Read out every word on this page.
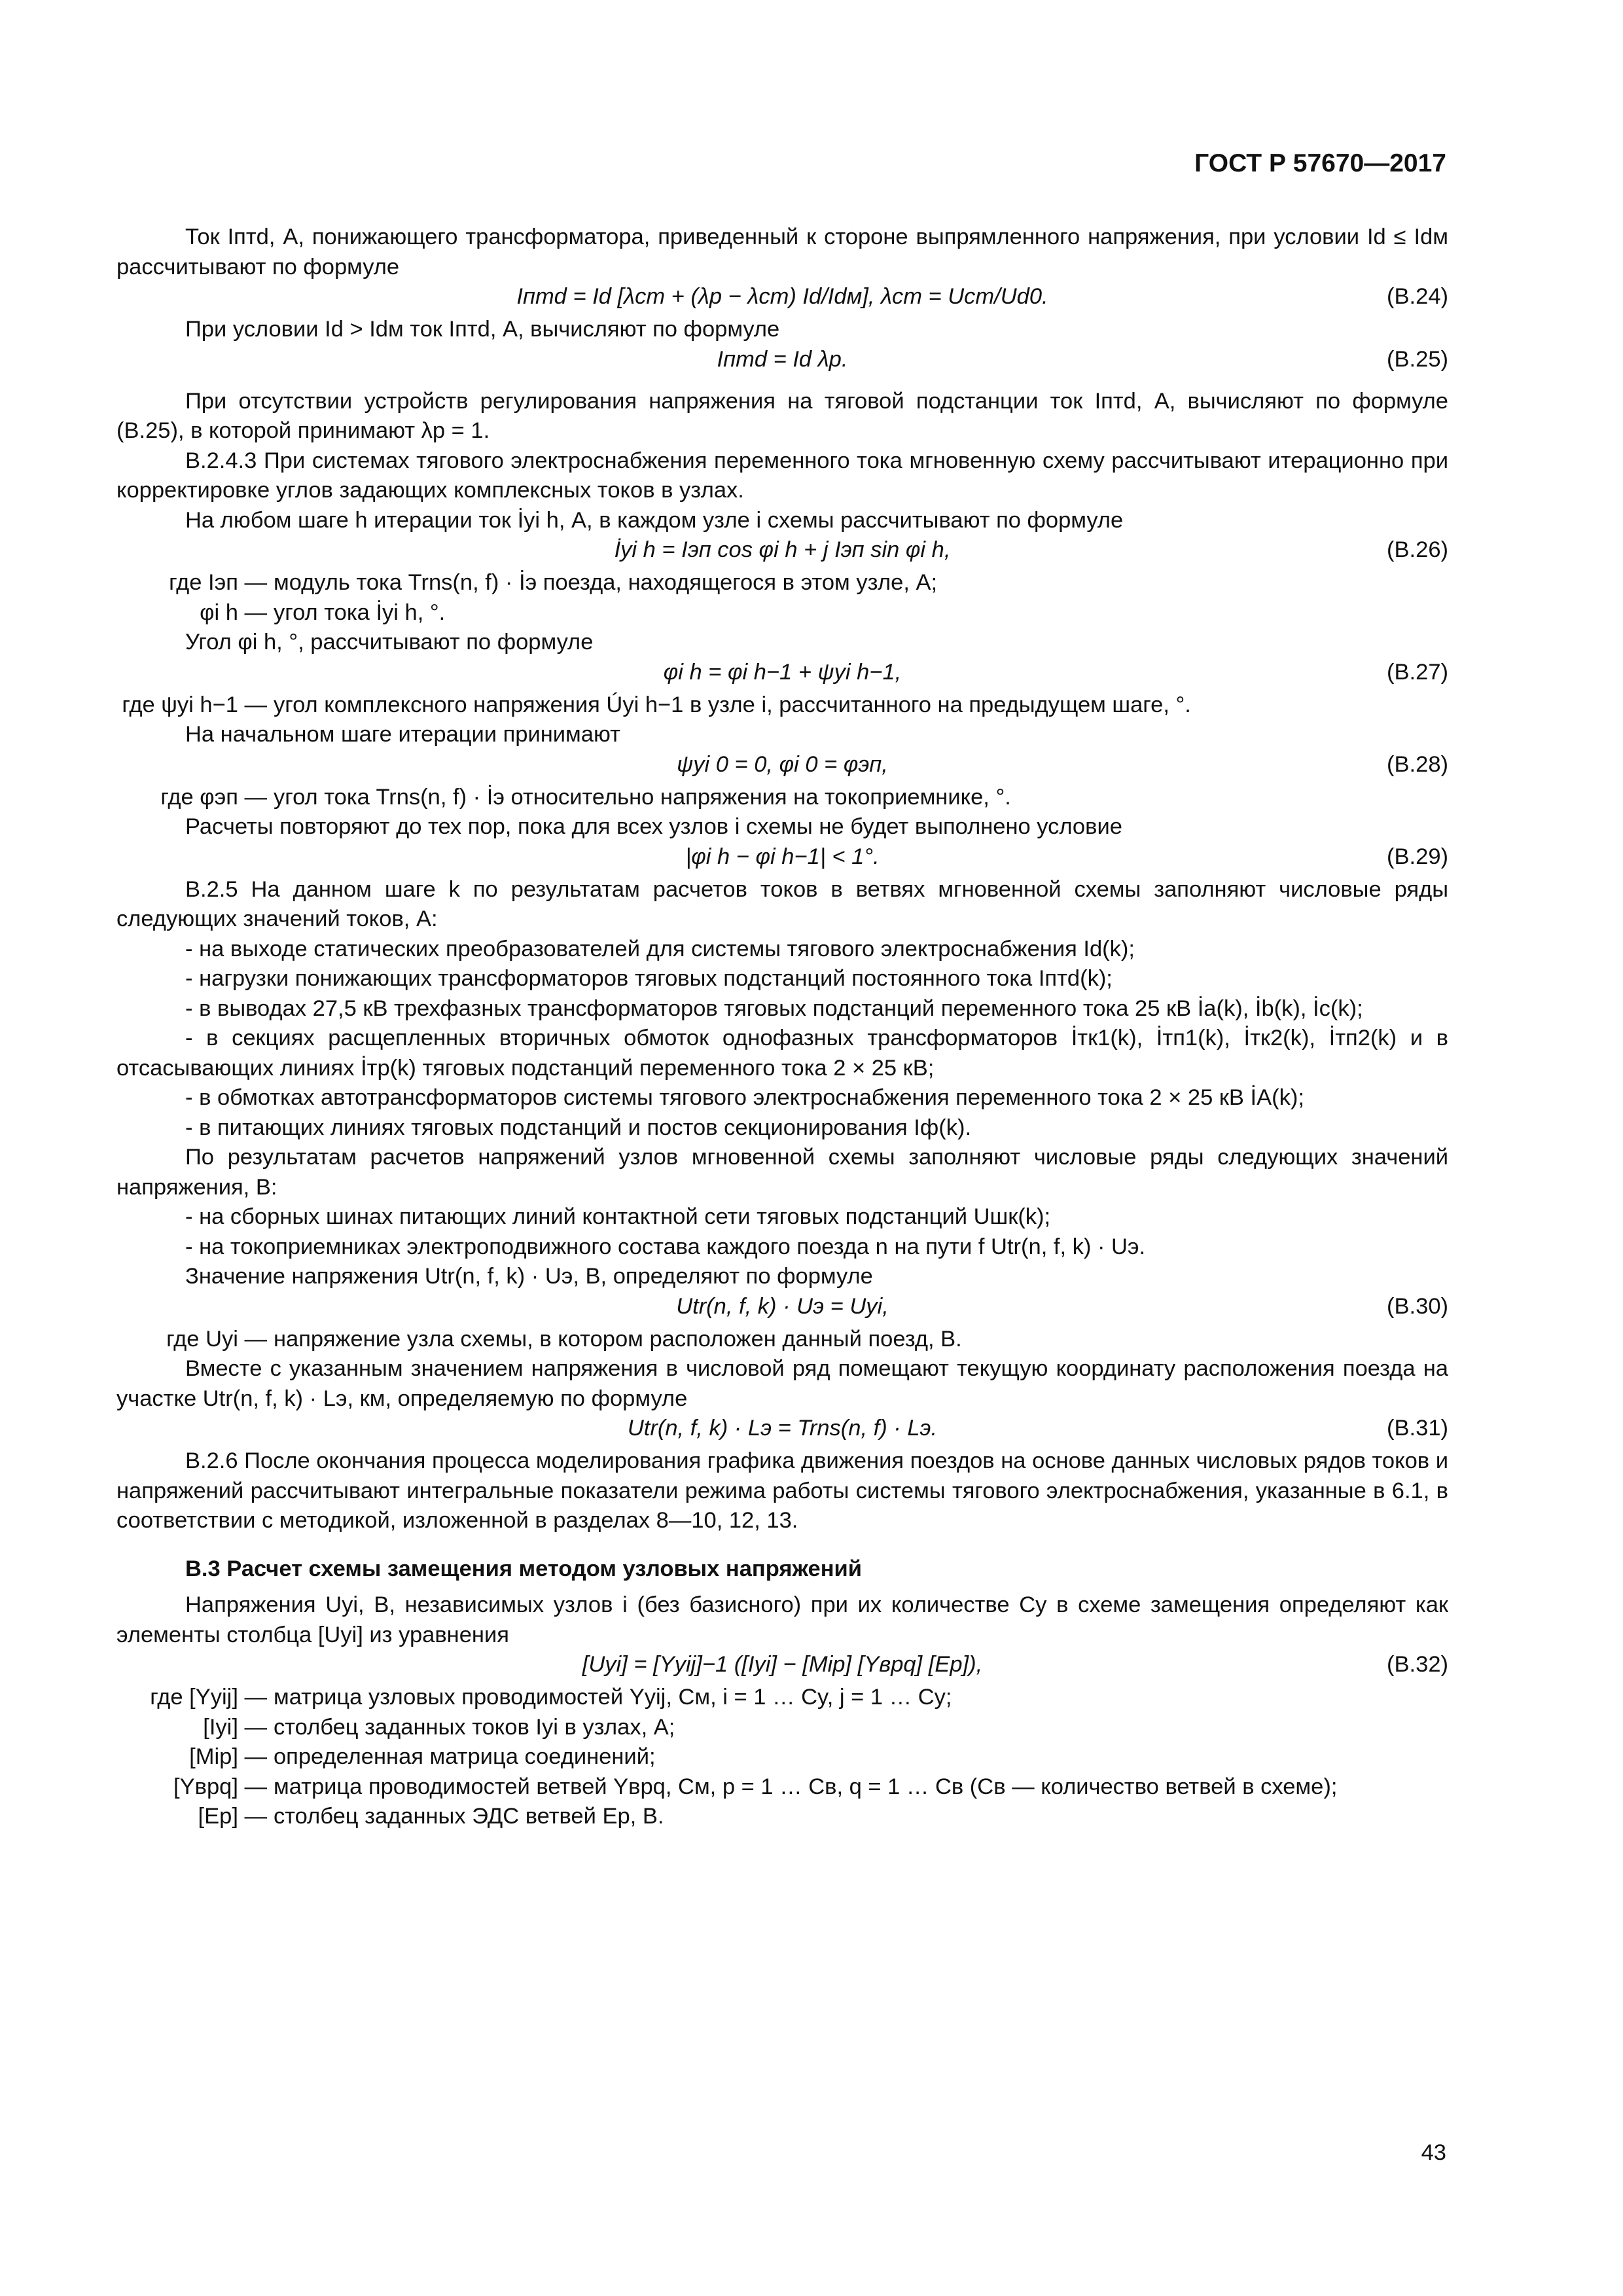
ГОСТ Р 57670—2017

Ток Iптd, А, понижающего трансформатора, приведенный к стороне выпрямленного напряжения, при условии Id ≤ Idм рассчитывают по формуле

Iптd = Id [λст + (λр − λст) Id/Idм], λст = Uст/Ud0.	(В.24)

При условии Id > Idм ток Iптd, А, вычисляют по формуле

Iптd = Id λр.	(В.25)

При отсутствии устройств регулирования напряжения на тяговой подстанции ток Iптd, А, вычисляют по формуле (В.25), в которой принимают λр = 1.

В.2.4.3 При системах тягового электроснабжения переменного тока мгновенную схему рассчитывают итерационно при корректировке углов задающих комплексных токов в узлах.

На любом шаге h итерации ток İyi h, А, в каждом узле i схемы рассчитывают по формуле

İyi h = Iэп cos φi h + j Iэп sin φi h,	(В.26)
где Iэп — модуль тока Trns(n, f) · İэ поезда, находящегося в этом узле, А;
φi h — угол тока İyi h, °.

Угол φi h, °, рассчитывают по формуле

φi h = φi h−1 + ψyi h−1,	(В.27)
где ψyi h−1 — угол комплексного напряжения Úyi h−1 в узле i, рассчитанного на предыдущем шаге, °.

На начальном шаге итерации принимают

ψyi 0 = 0, φi 0 = φэп,	(В.28)
где φэп — угол тока Trns(n, f) · İэ относительно напряжения на токоприемнике, °.

Расчеты повторяют до тех пор, пока для всех узлов i схемы не будет выполнено условие

|φi h − φi h−1| < 1°.	(В.29)

В.2.5 На данном шаге k по результатам расчетов токов в ветвях мгновенной схемы заполняют числовые ряды следующих значений токов, А:

- на выходе статических преобразователей для системы тягового электроснабжения Id(k);

- нагрузки понижающих трансформаторов тяговых подстанций постоянного тока Iптd(k);

- в выводах 27,5 кВ трехфазных трансформаторов тяговых подстанций переменного тока 25 кВ İa(k), İb(k), İc(k);

- в секциях расщепленных вторичных обмоток однофазных трансформаторов İтк1(k), İтп1(k), İтк2(k), İтп2(k) и в отсасывающих линиях İтр(k) тяговых подстанций переменного тока 2 × 25 кВ;

- в обмотках автотрансформаторов системы тягового электроснабжения переменного тока 2 × 25 кВ İА(k);

- в питающих линиях тяговых подстанций и постов секционирования Iф(k).

По результатам расчетов напряжений узлов мгновенной схемы заполняют числовые ряды следующих значений напряжения, В:

- на сборных шинах питающих линий контактной сети тяговых подстанций Uшк(k);

- на токоприемниках электроподвижного состава каждого поезда n на пути f Utr(n, f, k) · Uэ.

Значение напряжения Utr(n, f, k) · Uэ, В, определяют по формуле

Utr(n, f, k) · Uэ = Uyi,	(В.30)
где Uyi — напряжение узла схемы, в котором расположен данный поезд, В.

Вместе с указанным значением напряжения в числовой ряд помещают текущую координату расположения поезда на участке Utr(n, f, k) · Lэ, км, определяемую по формуле

Utr(n, f, k) · Lэ = Trns(n, f) · Lэ.	(В.31)

В.2.6 После окончания процесса моделирования графика движения поездов на основе данных числовых рядов токов и напряжений рассчитывают интегральные показатели режима работы системы тягового электроснабжения, указанные в 6.1, в соответствии с методикой, изложенной в разделах 8—10, 12, 13.

В.3 Расчет схемы замещения методом узловых напряжений

Напряжения Uyi, В, независимых узлов i (без базисного) при их количестве Cy в схеме замещения определяют как элементы столбца [Uyi] из уравнения

[Uyi] = [Yyij]−1 ([Iyi] − [Mip] [Yвpq] [Ep]),	(В.32)
где [Yyij] — матрица узловых проводимостей Yyij, См, i = 1 … Cy, j = 1 … Cy;
[Iyi] — столбец заданных токов Iyi в узлах, А;
[Mip] — определенная матрица соединений;
[Yвpq] — матрица проводимостей ветвей Yвpq, См, p = 1 … Cв, q = 1 … Cв (Cв — количество ветвей в схеме);
[Ep] — столбец заданных ЭДС ветвей Ep, В.
43
